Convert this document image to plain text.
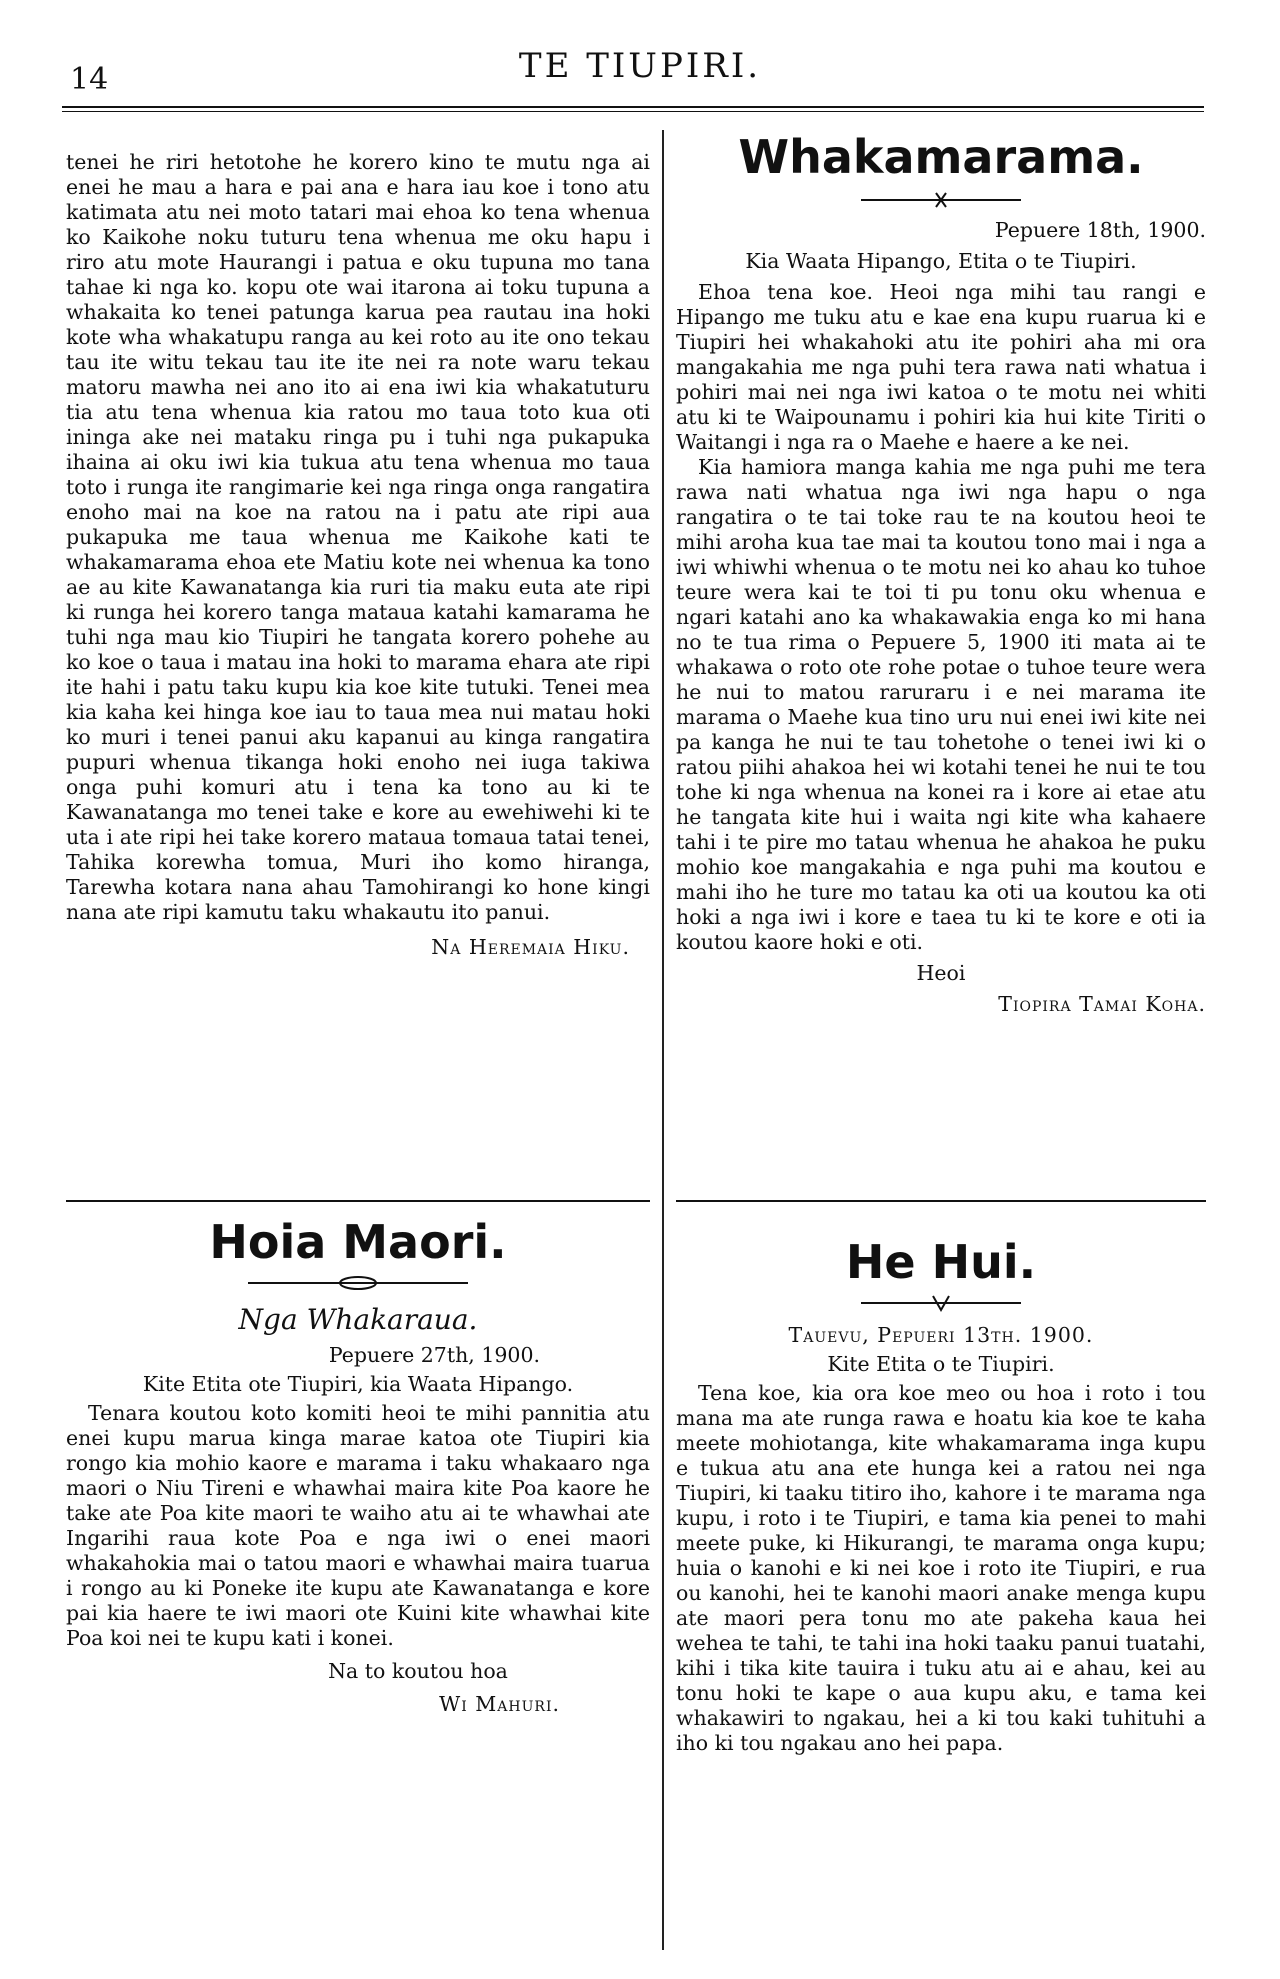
14	TE TIUPIRI.

tenei he riri hetotohe he korero kino te mutu nga ai enei he mau a hara e pai ana e hara iau koe i tono atu katimata atu nei moto tatari mai ehoa ko tena whenua ko Kaikohe noku tuturu tena whenua me oku hapu i riro atu mote Haurangi i patua e oku tupuna mo tana tahae ki nga ko. kopu ote wai itarona ai toku tupuna a whakaita ko tenei patunga karua pea rautau ina hoki kote wha whakatupu ranga au kei roto au ite ono tekau tau ite witu tekau tau ite ite nei ra note waru tekau matoru mawha nei ano ito ai ena iwi kia whakatuturu tia atu tena whenua kia ratou mo taua toto kua oti ininga ake nei mataku ringa pu i tuhi nga pukapuka ihaina ai oku iwi kia tukua atu tena whenua mo taua toto i runga ite rangimarie kei nga ringa onga rangatira enoho mai na koe na ratou na i patu ate ripi aua pukapuka me taua whenua me Kaikohe kati te whakamarama ehoa ete Matiu kote nei whenua ka tono ae au kite Kawanatanga kia ruri tia maku euta ate ripi ki runga hei korero tanga mataua katahi kamarama he tuhi nga mau kio Tiupiri he tangata korero pohehe au ko koe o taua i matau ina hoki to marama ehara ate ripi ite hahi i patu taku kupu kia koe kite tutuki. Tenei mea kia kaha kei hinga koe iau to taua mea nui matau hoki ko muri i tenei panui aku kapanui au kinga rangatira pupuri whenua tikanga hoki enoho nei iuga takiwa onga puhi komuri atu i tena ka tono au ki te Kawanatanga mo tenei take e kore au ewehiwehi ki te uta i ate ripi hei take korero mataua tomaua tatai tenei, Tahika korewha tomua, Muri iho komo hiranga, Tarewha kotara nana ahau Tamohirangi ko hone kingi nana ate ripi kamutu taku whakautu ito panui.

Na Heremaia Hiku.

Whakamarama.
Pepuere 18th, 1900.
Kia Waata Hipango, Etita o te Tiupiri.

Ehoa tena koe. Heoi nga mihi tau rangi e Hipango me tuku atu e kae ena kupu ruarua ki e Tiupiri hei whakahoki atu ite pohiri aha mi ora mangakahia me nga puhi tera rawa nati whatua i pohiri mai nei nga iwi katoa o te motu nei whiti atu ki te Waipounamu i pohiri kia hui kite Tiriti o Waitangi i nga ra o Maehe e haere a ke nei.

Kia hamiora manga kahia me nga puhi me tera rawa nati whatua nga iwi nga hapu o nga rangatira o te tai toke rau te na koutou heoi te mihi aroha kua tae mai ta koutou tono mai i nga a iwi whiwhi whenua o te motu nei ko ahau ko tuhoe teure wera kai te toi ti pu tonu oku whenua e ngari katahi ano ka whakawakia enga ko mi hana no te tua rima o Pepuere 5, 1900 iti mata ai te whakawa o roto ote rohe potae o tuhoe teure wera he nui to matou raruraru i e nei marama ite marama o Maehe kua tino uru nui enei iwi kite nei pa kanga he nui te tau tohetohe o tenei iwi ki o ratou piihi ahakoa hei wi kotahi tenei he nui te tou tohe ki nga whenua na konei ra i kore ai etae atu he tangata kite hui i waita ngi kite wha kahaere tahi i te pire mo tatau whenua he ahakoa he puku mohio koe mangakahia e nga puhi ma koutou e mahi iho he ture mo tatau ka oti ua koutou ka oti hoki a nga iwi i kore e taea tu ki te kore e oti ia koutou kaore hoki e oti.

Heoi

Tiopira Tamai Koha.

Hoia Maori.
Nga Whakaraua.
Pepuere 27th, 1900.
Kite Etita ote Tiupiri, kia Waata Hipango.

Tenara koutou koto komiti heoi te mihi pannitia atu enei kupu marua kinga marae katoa ote Tiupiri kia rongo kia mohio kaore e marama i taku whakaaro nga maori o Niu Tireni e whawhai maira kite Poa kaore he take ate Poa kite maori te waiho atu ai te whawhai ate Ingarihi raua kote Poa e nga iwi o enei maori whakahokia mai o tatou maori e whawhai maira tuarua i rongo au ki Poneke ite kupu ate Kawanatanga e kore pai kia haere te iwi maori ote Kuini kite whawhai kite Poa koi nei te kupu kati i konei.

Na to koutou hoa

Wi Mahuri.

He Hui.
Tauevu, Pepueri 13th. 1900.
Kite Etita o te Tiupiri.

Tena koe, kia ora koe meo ou hoa i roto i tou mana ma ate runga rawa e hoatu kia koe te kaha meete mohiotanga, kite whakamarama inga kupu e tukua atu ana ete hunga kei a ratou nei nga Tiupiri, ki taaku titiro iho, kahore i te marama nga kupu, i roto i te Tiupiri, e tama kia penei to mahi meete puke, ki Hikurangi, te marama onga kupu; huia o kanohi e ki nei koe i roto ite Tiupiri, e rua ou kanohi, hei te kanohi maori anake menga kupu ate maori pera tonu mo ate pakeha kaua hei wehea te tahi, te tahi ina hoki taaku panui tuatahi, kihi i tika kite tauira i tuku atu ai e ahau, kei au tonu hoki te kape o aua kupu aku, e tama kei whakawiri to ngakau, hei a ki tou kaki tuhituhi a iho ki tou ngakau ano hei papa.
